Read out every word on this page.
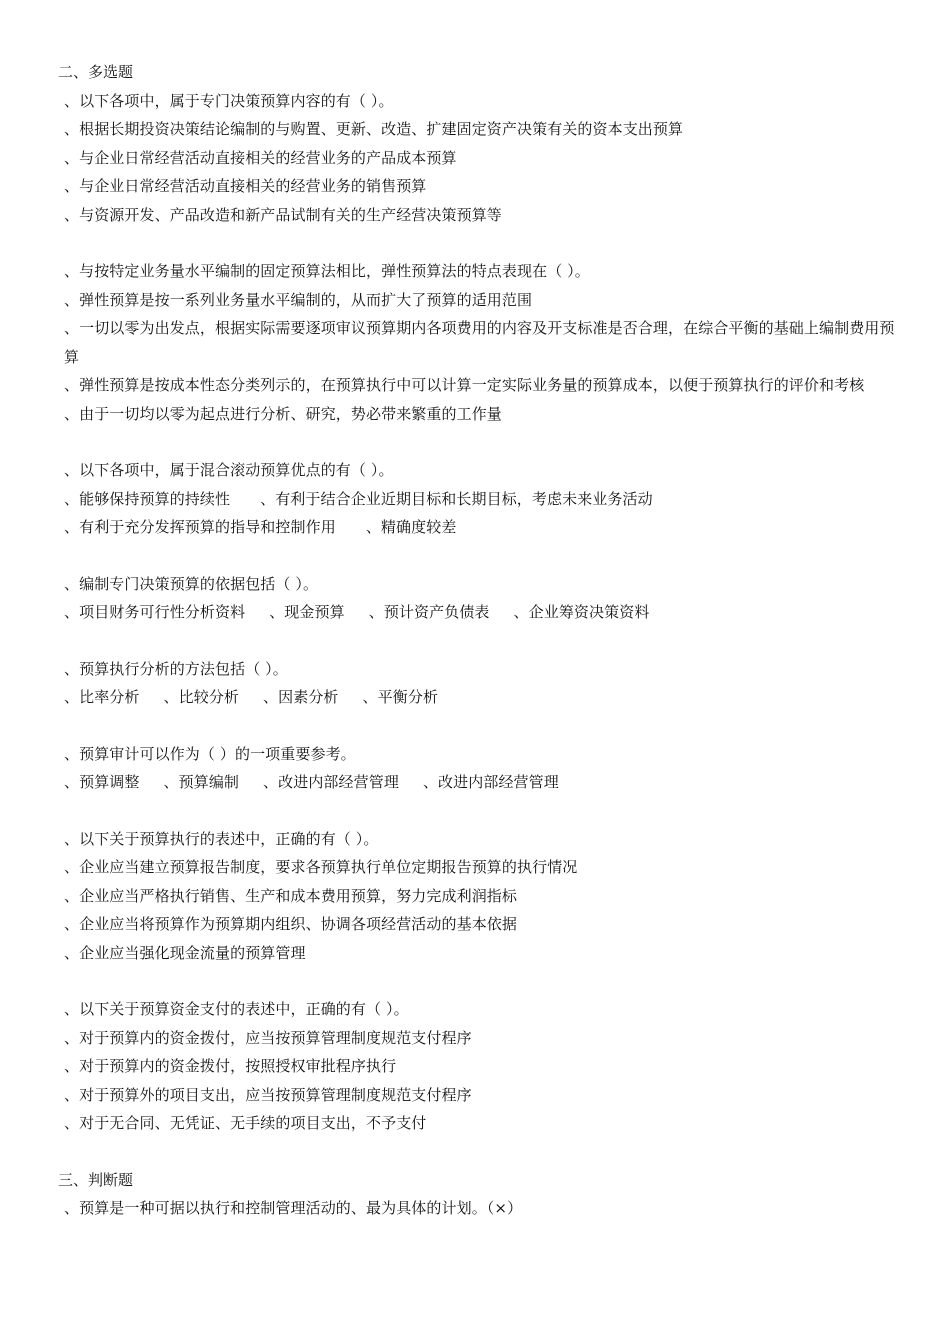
二、多选题
、以下各项中，属于专门决策预算内容的有（ ）。
、根据长期投资决策结论编制的与购置、更新、改造、扩建固定资产决策有关的资本支出预算
、与企业日常经营活动直接相关的经营业务的产品成本预算
、与企业日常经营活动直接相关的经营业务的销售预算
、与资源开发、产品改造和新产品试制有关的生产经营决策预算等
、与按特定业务量水平编制的固定预算法相比，弹性预算法的特点表现在（ ）。
、弹性预算是按一系列业务量水平编制的，从而扩大了预算的适用范围
、一切以零为出发点，根据实际需要逐项审议预算期内各项费用的内容及开支标准是否合理，在综合平衡的基础上编制费用预算
、弹性预算是按成本性态分类列示的，在预算执行中可以计算一定实际业务量的预算成本，以便于预算执行的评价和考核
、由于一切均以零为起点进行分析、研究，势必带来繁重的工作量
、以下各项中，属于混合滚动预算优点的有（ ）。
、能够保持预算的持续性 、有利于结合企业近期目标和长期目标，考虑未来业务活动
、有利于充分发挥预算的指导和控制作用 、精确度较差
、编制专门决策预算的依据包括（ ）。
、项目财务可行性分析资料 、现金预算 、预计资产负债表 、企业筹资决策资料
、预算执行分析的方法包括（ ）。
、比率分析 、比较分析 、因素分析 、平衡分析
、预算审计可以作为（ ）的一项重要参考。
、预算调整 、预算编制 、改进内部经营管理 、改进内部经营管理
、以下关于预算执行的表述中，正确的有（ ）。
、企业应当建立预算报告制度，要求各预算执行单位定期报告预算的执行情况
、企业应当严格执行销售、生产和成本费用预算，努力完成利润指标
、企业应当将预算作为预算期内组织、协调各项经营活动的基本依据
、企业应当强化现金流量的预算管理
、以下关于预算资金支付的表述中，正确的有（ ）。
、对于预算内的资金拨付，应当按预算管理制度规范支付程序
、对于预算内的资金拨付，按照授权审批程序执行
、对于预算外的项目支出，应当按预算管理制度规范支付程序
、对于无合同、无凭证、无手续的项目支出，不予支付
三、判断题
、预算是一种可据以执行和控制管理活动的、最为具体的计划。（×）
